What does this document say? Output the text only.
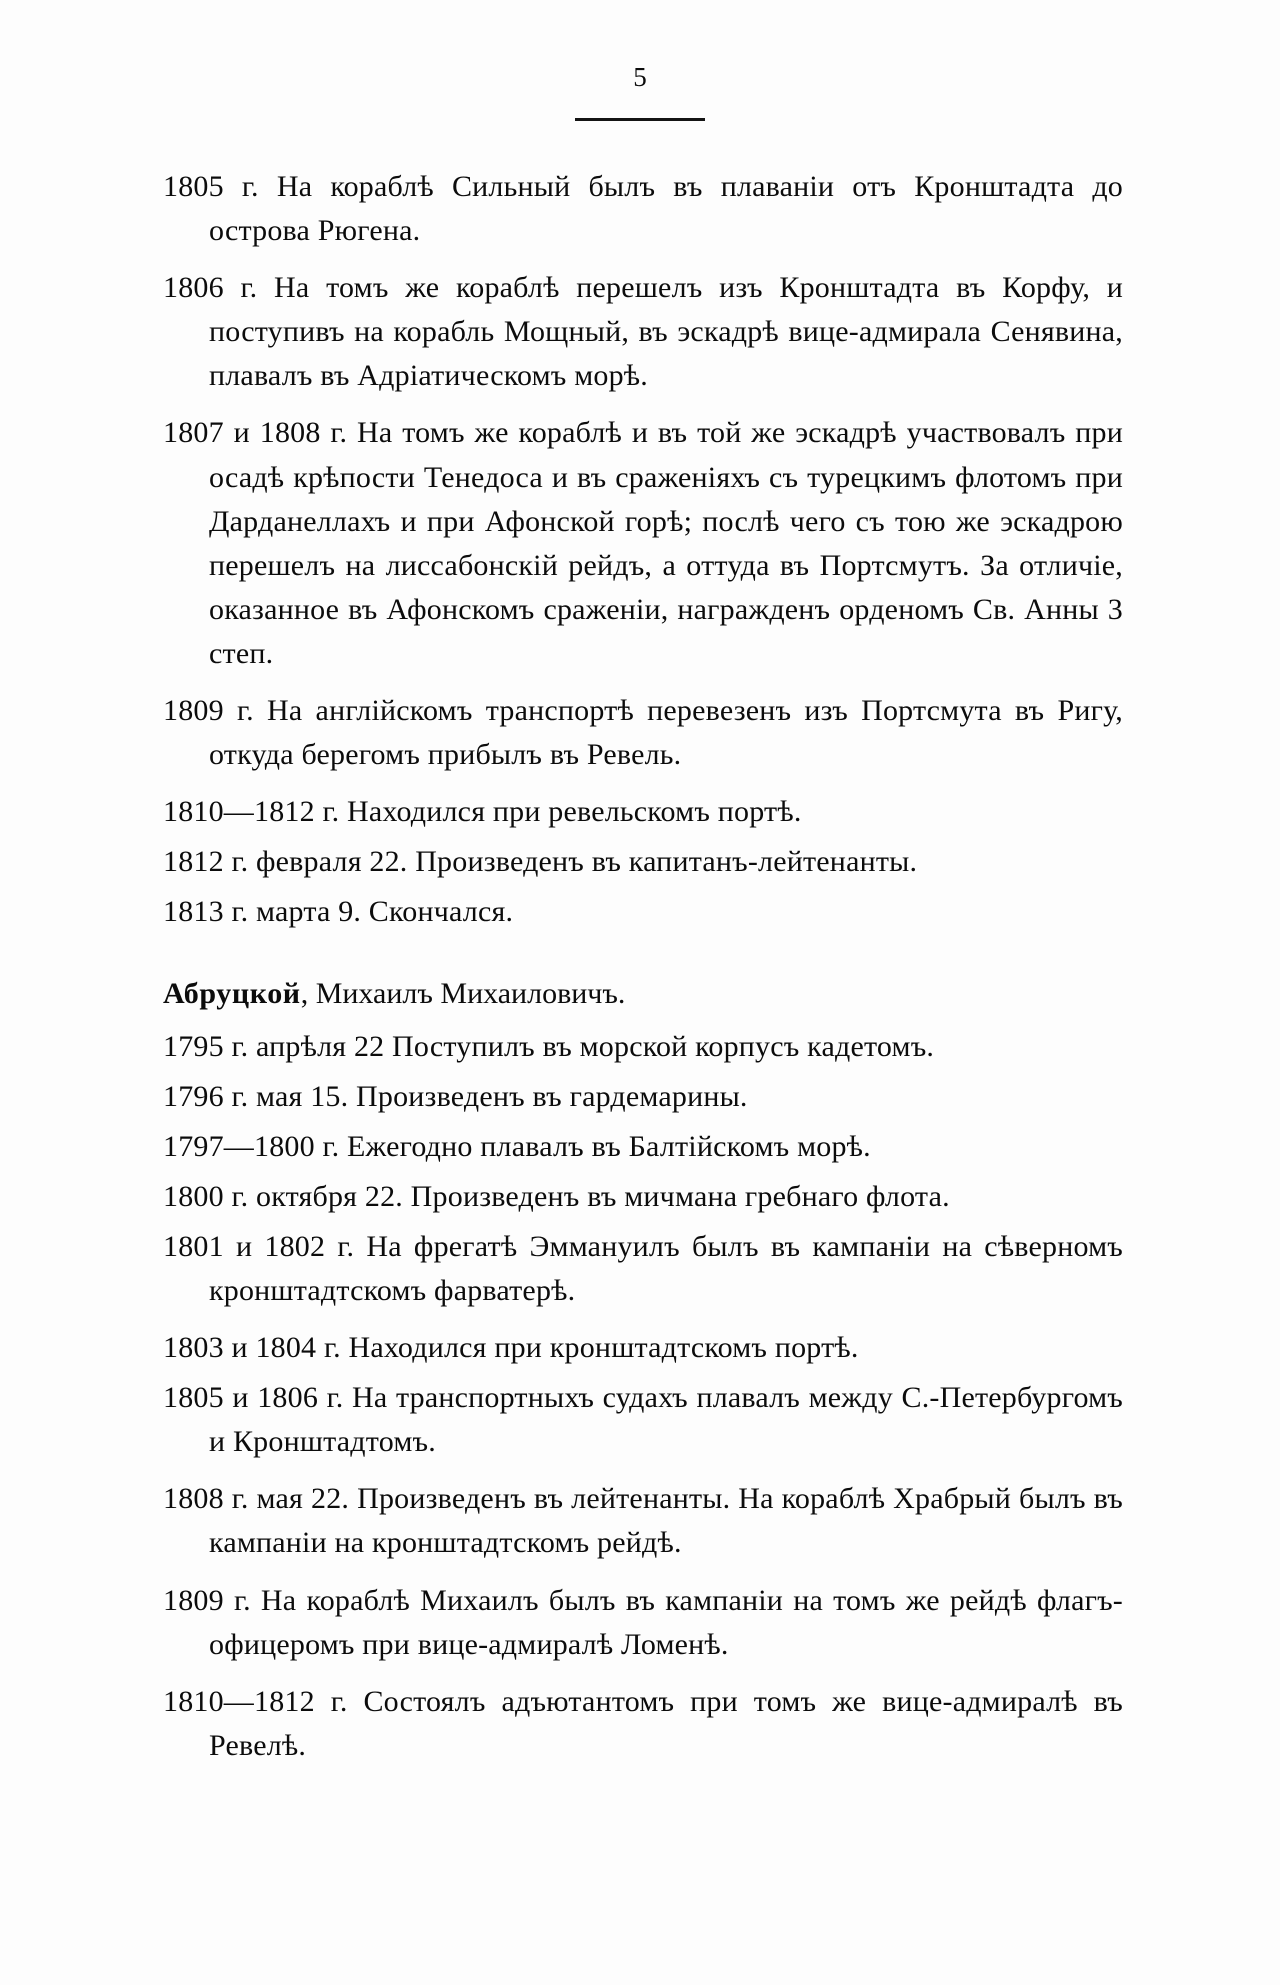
5

1805 г. На кораблѣ Сильный былъ въ плаванiи отъ Кронштадта до острова Рюгена.

1806 г. На томъ же кораблѣ перешелъ изъ Кронштадта въ Корфу, и поступивъ на корабль Мощный, въ эскадрѣ вице-адмирала Сенявина, плавалъ въ Адрiатическомъ морѣ.

1807 и 1808 г. На томъ же кораблѣ и въ той же эскадрѣ участвовалъ при осадѣ крѣпости Тенедоса и въ сраженiяхъ съ турецкимъ флотомъ при Дарданеллахъ и при Афонской горѣ; послѣ чего съ тою же эскадрою перешелъ на лиссабонскiй рейдъ, а оттуда въ Портсмутъ. За отличiе, оказанное въ Афонскомъ сраженiи, награжденъ орденомъ Св. Анны 3 степ.

1809 г. На англiйскомъ транспортѣ перевезенъ изъ Портсмута въ Ригу, откуда берегомъ прибылъ въ Ревель.

1810—1812 г. Находился при ревельскомъ портѣ.

1812 г. февраля 22. Произведенъ въ капитанъ-лейтенанты.

1813 г. марта 9. Скончался.

Абруцкой, Михаилъ Михаиловичъ.

1795 г. апрѣля 22 Поступилъ въ морской корпусъ кадетомъ.

1796 г. мая 15. Произведенъ въ гардемарины.

1797—1800 г. Ежегодно плавалъ въ Балтiйскомъ морѣ.

1800 г. октября 22. Произведенъ въ мичмана гребнаго флота.

1801 и 1802 г. На фрегатѣ Эммануилъ былъ въ кампанiи на сѣверномъ кронштадтскомъ фарватерѣ.

1803 и 1804 г. Находился при кронштадтскомъ портѣ.

1805 и 1806 г. На транспортныхъ судахъ плавалъ между С.-Петербургомъ и Кронштадтомъ.

1808 г. мая 22. Произведенъ въ лейтенанты. На кораблѣ Храбрый былъ въ кампанiи на кронштадтскомъ рейдѣ.

1809 г. На кораблѣ Михаилъ былъ въ кампанiи на томъ же рейдѣ флагъ-офицеромъ при вице-адмиралѣ Ломенѣ.

1810—1812 г. Состоялъ адъютантомъ при томъ же вице-адмиралѣ въ Ревелѣ.
